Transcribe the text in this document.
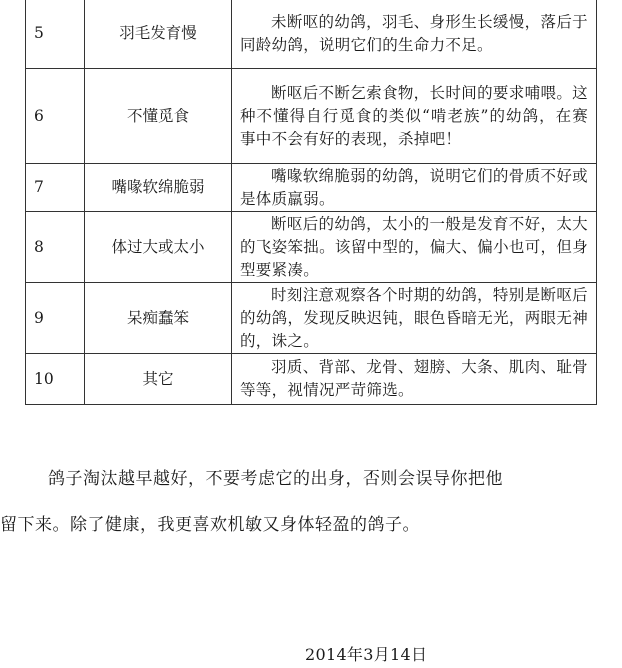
5	羽毛发育慢	未断呕的幼鸽，羽毛、身形生长缓慢，落后于同龄幼鸽，说明它们的生命力不足。
6	不懂觅食	断呕后不断乞索食物，长时间的要求哺喂。这种不懂得自行觅食的类似“啃老族”的幼鸽，在赛事中不会有好的表现，杀掉吧！
7	嘴喙软绵脆弱	嘴喙软绵脆弱的幼鸽，说明它们的骨质不好或是体质羸弱。
8	体过大或太小	断呕后的幼鸽，太小的一般是发育不好，太大的飞姿笨拙。该留中型的，偏大、偏小也可，但身型要紧凑。
9	呆痴蠢笨	时刻注意观察各个时期的幼鸽，特别是断呕后的幼鸽，发现反映迟钝，眼色昏暗无光，两眼无神的，诛之。
10	其它	羽质、背部、龙骨、翅膀、大条、肌肉、耻骨等等，视情况严苛筛选。

鸽子淘汰越早越好，不要考虑它的出身，否则会误导你把他

留下来。除了健康，我更喜欢机敏又身体轻盈的鸽子。

2014年3月14日
